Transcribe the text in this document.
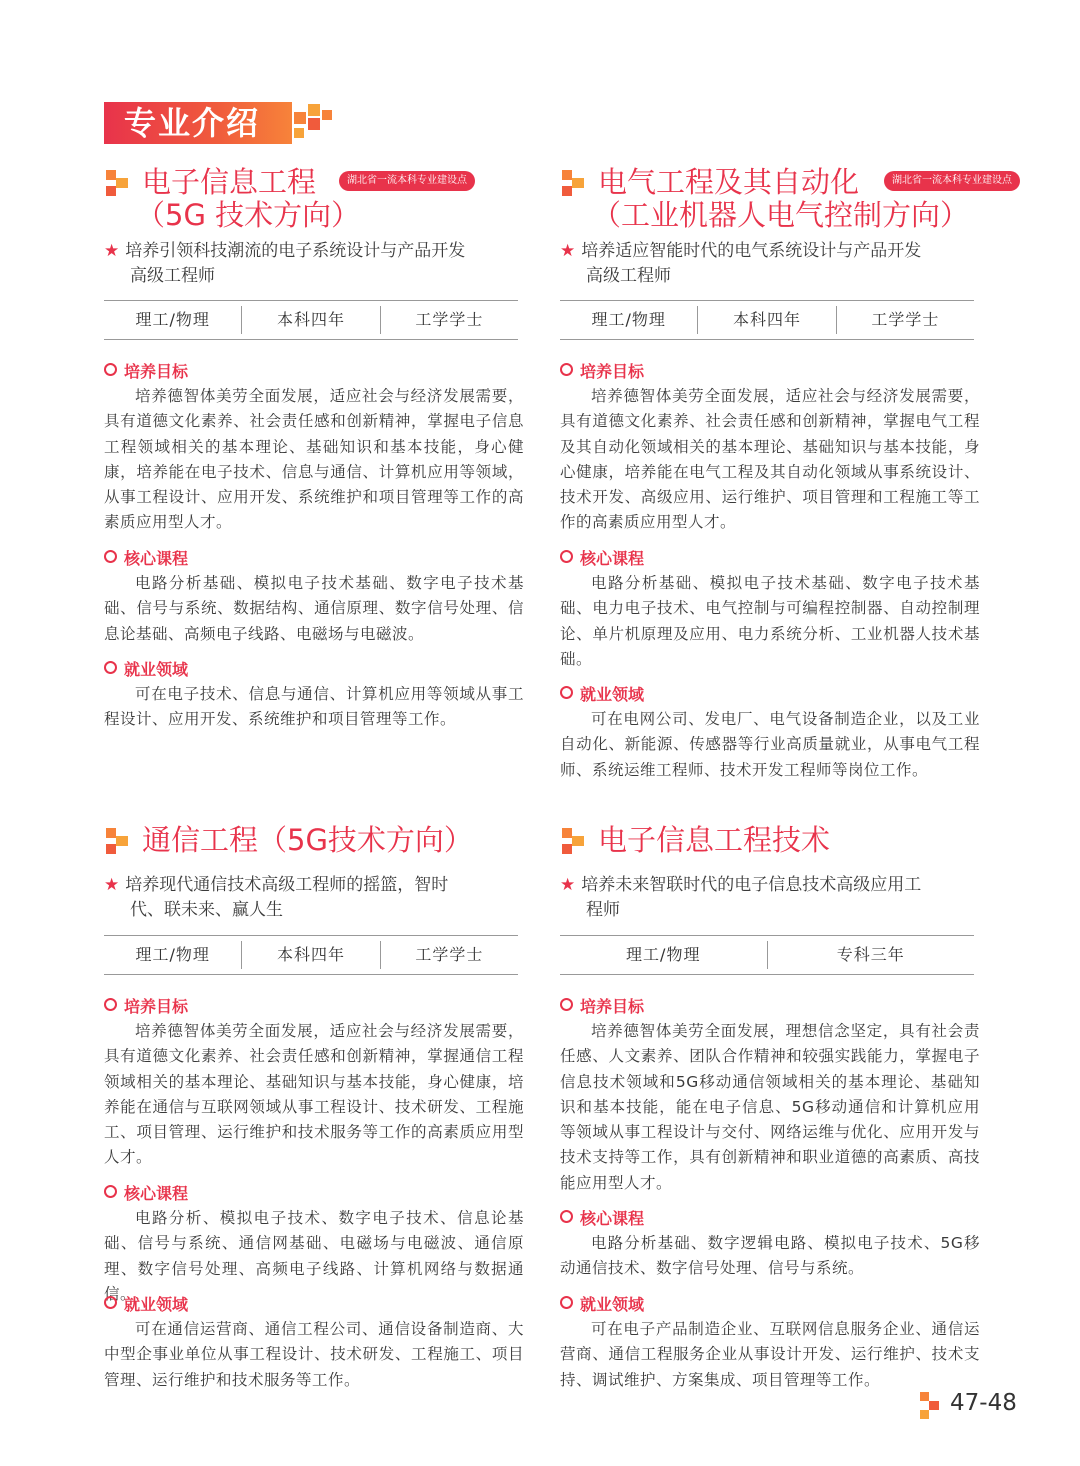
专业介绍
电子信息工程	湖北省一流本科专业建设点
（5G 技术方向）
★ 培养引领科技潮流的电子系统设计与产品开发
高级工程师
理工/物理	本科四年	工学学士
培养目标
培养德智体美劳全面发展，适应社会与经济发展需要，具有道德文化素养、社会责任感和创新精神，掌握电子信息工程领域相关的基本理论、基础知识和基本技能，身心健康，培养能在电子技术、信息与通信、计算机应用等领域，从事工程设计、应用开发、系统维护和项目管理等工作的高素质应用型人才。
核心课程
电路分析基础、模拟电子技术基础、数字电子技术基础、信号与系统、数据结构、通信原理、数字信号处理、信息论基础、高频电子线路、电磁场与电磁波。
就业领域
可在电子技术、信息与通信、计算机应用等领域从事工程设计、应用开发、系统维护和项目管理等工作。
电气工程及其自动化	湖北省一流本科专业建设点
（工业机器人电气控制方向）
★ 培养适应智能时代的电气系统设计与产品开发
高级工程师
理工/物理	本科四年	工学学士
培养目标
培养德智体美劳全面发展，适应社会与经济发展需要，具有道德文化素养、社会责任感和创新精神，掌握电气工程及其自动化领域相关的基本理论、基础知识与基本技能，身心健康，培养能在电气工程及其自动化领域从事系统设计、技术开发、高级应用、运行维护、项目管理和工程施工等工作的高素质应用型人才。
核心课程
电路分析基础、模拟电子技术基础、数字电子技术基础、电力电子技术、电气控制与可编程控制器、自动控制理论、单片机原理及应用、电力系统分析、工业机器人技术基础。
就业领域
可在电网公司、发电厂、电气设备制造企业，以及工业自动化、新能源、传感器等行业高质量就业，从事电气工程师、系统运维工程师、技术开发工程师等岗位工作。
通信工程（5G技术方向）
★ 培养现代通信技术高级工程师的摇篮，智时
代、联未来、赢人生
理工/物理	本科四年	工学学士
培养目标
培养德智体美劳全面发展，适应社会与经济发展需要，具有道德文化素养、社会责任感和创新精神，掌握通信工程领域相关的基本理论、基础知识与基本技能，身心健康，培养能在通信与互联网领域从事工程设计、技术研发、工程施工、项目管理、运行维护和技术服务等工作的高素质应用型人才。
核心课程
电路分析、模拟电子技术、数字电子技术、信息论基础、信号与系统、通信网基础、电磁场与电磁波、通信原理、数字信号处理、高频电子线路、计算机网络与数据通信。
就业领域
可在通信运营商、通信工程公司、通信设备制造商、大中型企事业单位从事工程设计、技术研发、工程施工、项目管理、运行维护和技术服务等工作。
电子信息工程技术
★ 培养未来智联时代的电子信息技术高级应用工
程师
理工/物理	专科三年
培养目标
培养德智体美劳全面发展，理想信念坚定，具有社会责任感、人文素养、团队合作精神和较强实践能力，掌握电子信息技术领域和5G移动通信领域相关的基本理论、基础知识和基本技能，能在电子信息、5G移动通信和计算机应用等领域从事工程设计与交付、网络运维与优化、应用开发与技术支持等工作，具有创新精神和职业道德的高素质、高技能应用型人才。
核心课程
电路分析基础、数字逻辑电路、模拟电子技术、5G移动通信技术、数字信号处理、信号与系统。
就业领域
可在电子产品制造企业、互联网信息服务企业、通信运营商、通信工程服务企业从事设计开发、运行维护、技术支持、调试维护、方案集成、项目管理等工作。
47-48
